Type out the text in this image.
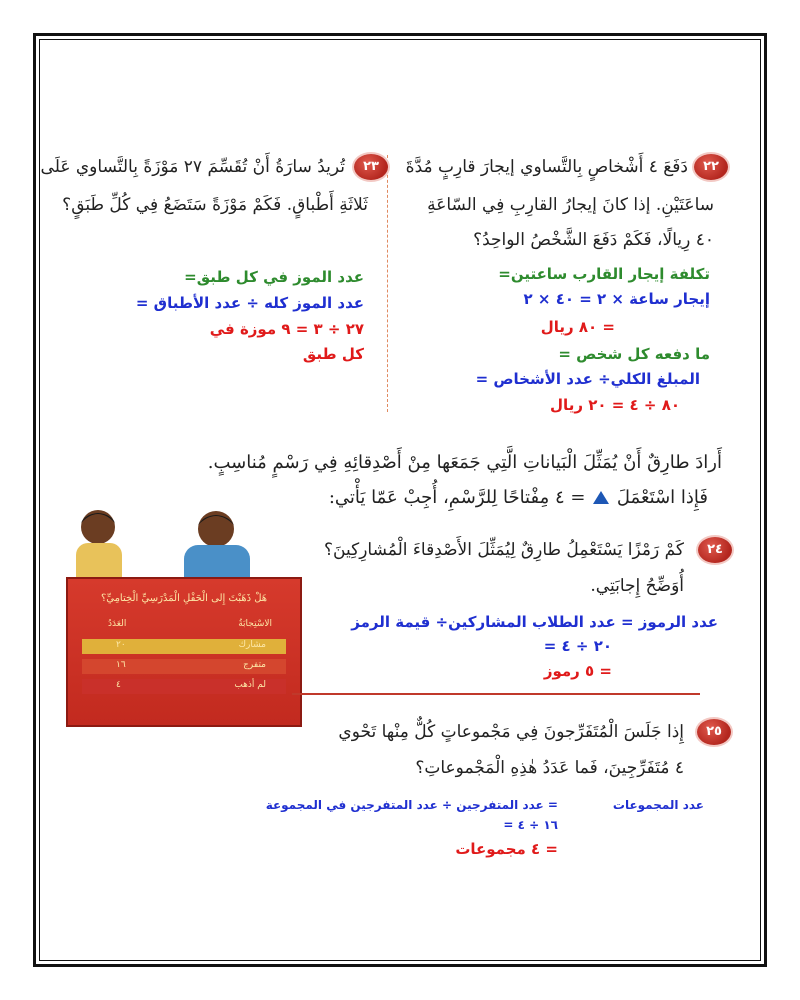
٢٢
دَفَعَ ٤ أَشْخاصٍ بِالتَّساوي إيجارَ قارِبٍ مُدَّةَ
ساعَتَيْنِ. إذا كانَ إيجارُ القارِبِ فِي السّاعَةِ
٤٠ رِيالًا، فَكَمْ دَفَعَ الشَّخْصُ الواحِدُ؟
تكلفة إيجار القارب ساعتين=
إيجار ساعة × ٢ = ٤٠ × ٢
= ٨٠ ريال
ما دفعه كل شخص =
المبلغ الكلي÷ عدد الأشخاص =
٨٠ ÷ ٤ = ٢٠ ريال
٢٣
تُريدُ سارَةُ أَنْ تُقَسِّمَ ٢٧ مَوْزَةً بِالتَّساوي عَلَى
ثَلاثَةِ أَطْباقٍ. فَكَمْ مَوْزَةً سَتَضَعُ فِي كُلِّ طَبَقٍ؟
عدد الموز في كل طبق=
عدد الموز كله ÷ عدد الأطباق =
٢٧ ÷ ٣ = ٩ موزة في
كل طبق
أَرادَ طارِقٌ أَنْ يُمَثِّلَ الْبَياناتِ الَّتِي جَمَعَها مِنْ أَصْدِقائِهِ فِي رَسْمٍ مُناسِبٍ.
فَإِذا اسْتَعْمَلَ  = ٤ مِفْتاحًا لِلرَّسْمِ، أُجِبْ عَمّا يَأْتي:
هَلْ ذَهَبْتَ إِلى الْحَفْلِ الْمَدْرَسِيِّ الْخِتامِيِّ؟
الاسْتِجابَةُ
العَدَدُ
مشارك
٢٠
متفرج
١٦
لم أذهب
٤
٢٤
كَمْ رَمْزًا يَسْتَعْمِلُ طارِقٌ لِيُمَثِّلَ الأَصْدِقاءَ الْمُشارِكِينَ؟
أُوَضِّحُ إِجابَتِي.
عدد الرموز = عدد الطلاب المشاركين÷ قيمة الرمز
= ٢٠ ÷ ٤
= ٥ رموز
٢٥
إِذا جَلَسَ الْمُتَفَرِّجونَ فِي مَجْموعاتٍ كُلٌّ مِنْها تَحْوي
٤ مُتَفَرِّجِينَ، فَما عَدَدُ هٰذِهِ الْمَجْموعاتِ؟
عدد المجموعات
= عدد المتفرجين ÷ عدد المتفرجين في المجموعة
= ١٦ ÷ ٤
= ٤ مجموعات
